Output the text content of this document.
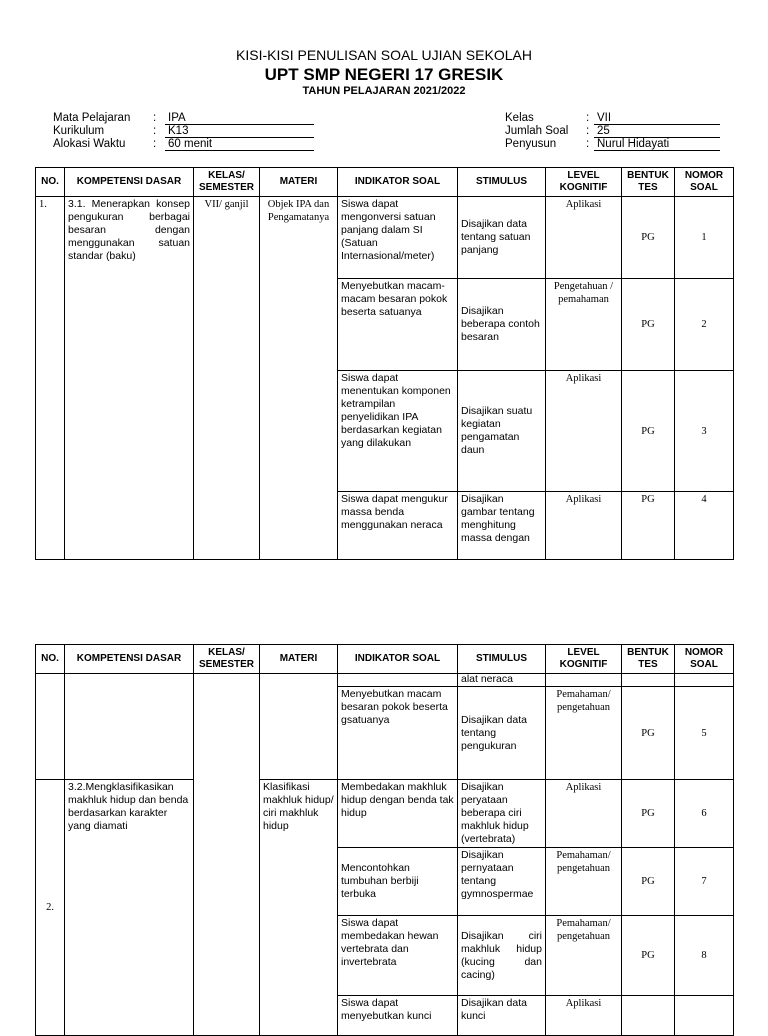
KISI-KISI PENULISAN SOAL UJIAN SEKOLAH
UPT SMP NEGERI 17 GRESIK
TAHUN PELAJARAN 2021/2022
Mata Pelajaran : IPA
Kurikulum	: K13
Alokasi Waktu : 60 menit
Kelas	: VII
Jumlah Soal : 25
Penyusun	: Nurul Hidayati
NO.	KOMPETENSI DASAR	KELAS/ SEMESTER	MATERI	INDIKATOR SOAL	STIMULUS	LEVEL KOGNITIF	BENTUK TES	NOMOR SOAL
1.	3.1. Menerapkan konsep pengukuran berbagai besaran dengan menggunakan satuan standar (baku)	VII/ ganjil	Objek IPA dan Pengamatanya	Siswa dapat mengonversi satuan panjang dalam SI (Satuan Internasional/meter)	Disajikan data tentang satuan panjang	Aplikasi	PG	1
				Menyebutkan macam-macam besaran pokok beserta satuanya	Disajikan beberapa contoh besaran	Pengetahuan / pemahaman	PG	2
				Siswa dapat menentukan komponen ketrampilan penyelidikan IPA berdasarkan kegiatan yang dilakukan	Disajikan suatu kegiatan pengamatan daun	Aplikasi	PG	3
				Siswa dapat mengukur massa benda menggunakan neraca	Disajikan gambar tentang menghitung massa dengan	Aplikasi	PG	4
NO.	KOMPETENSI DASAR	KELAS/ SEMESTER	MATERI	INDIKATOR SOAL	STIMULUS	LEVEL KOGNITIF	BENTUK TES	NOMOR SOAL
					alat neraca			
				Menyebutkan macam besaran pokok beserta gsatuanya	Disajikan data tentang pengukuran	Pemahaman/ pengetahuan	PG	5
2.	3.2.Mengklasifikasikan makhluk hidup dan benda berdasarkan karakter yang diamati		Klasifikasi makhluk hidup/ ciri makhluk hidup	Membedakan makhluk hidup dengan benda tak hidup	Disajikan peryataan beberapa ciri makhluk hidup (vertebrata)	Aplikasi	PG	6
				Mencontohkan tumbuhan berbiji terbuka	Disajikan pernyataan tentang gymnospermae	Pemahaman/ pengetahuan	PG	7
				Siswa dapat membedakan hewan vertebrata dan invertebrata	Disajikan ciri makhluk hidup (kucing dan cacing)	Pemahaman/ pengetahuan	PG	8
				Siswa dapat menyebutkan kunci	Disajikan data kunci	Aplikasi		
